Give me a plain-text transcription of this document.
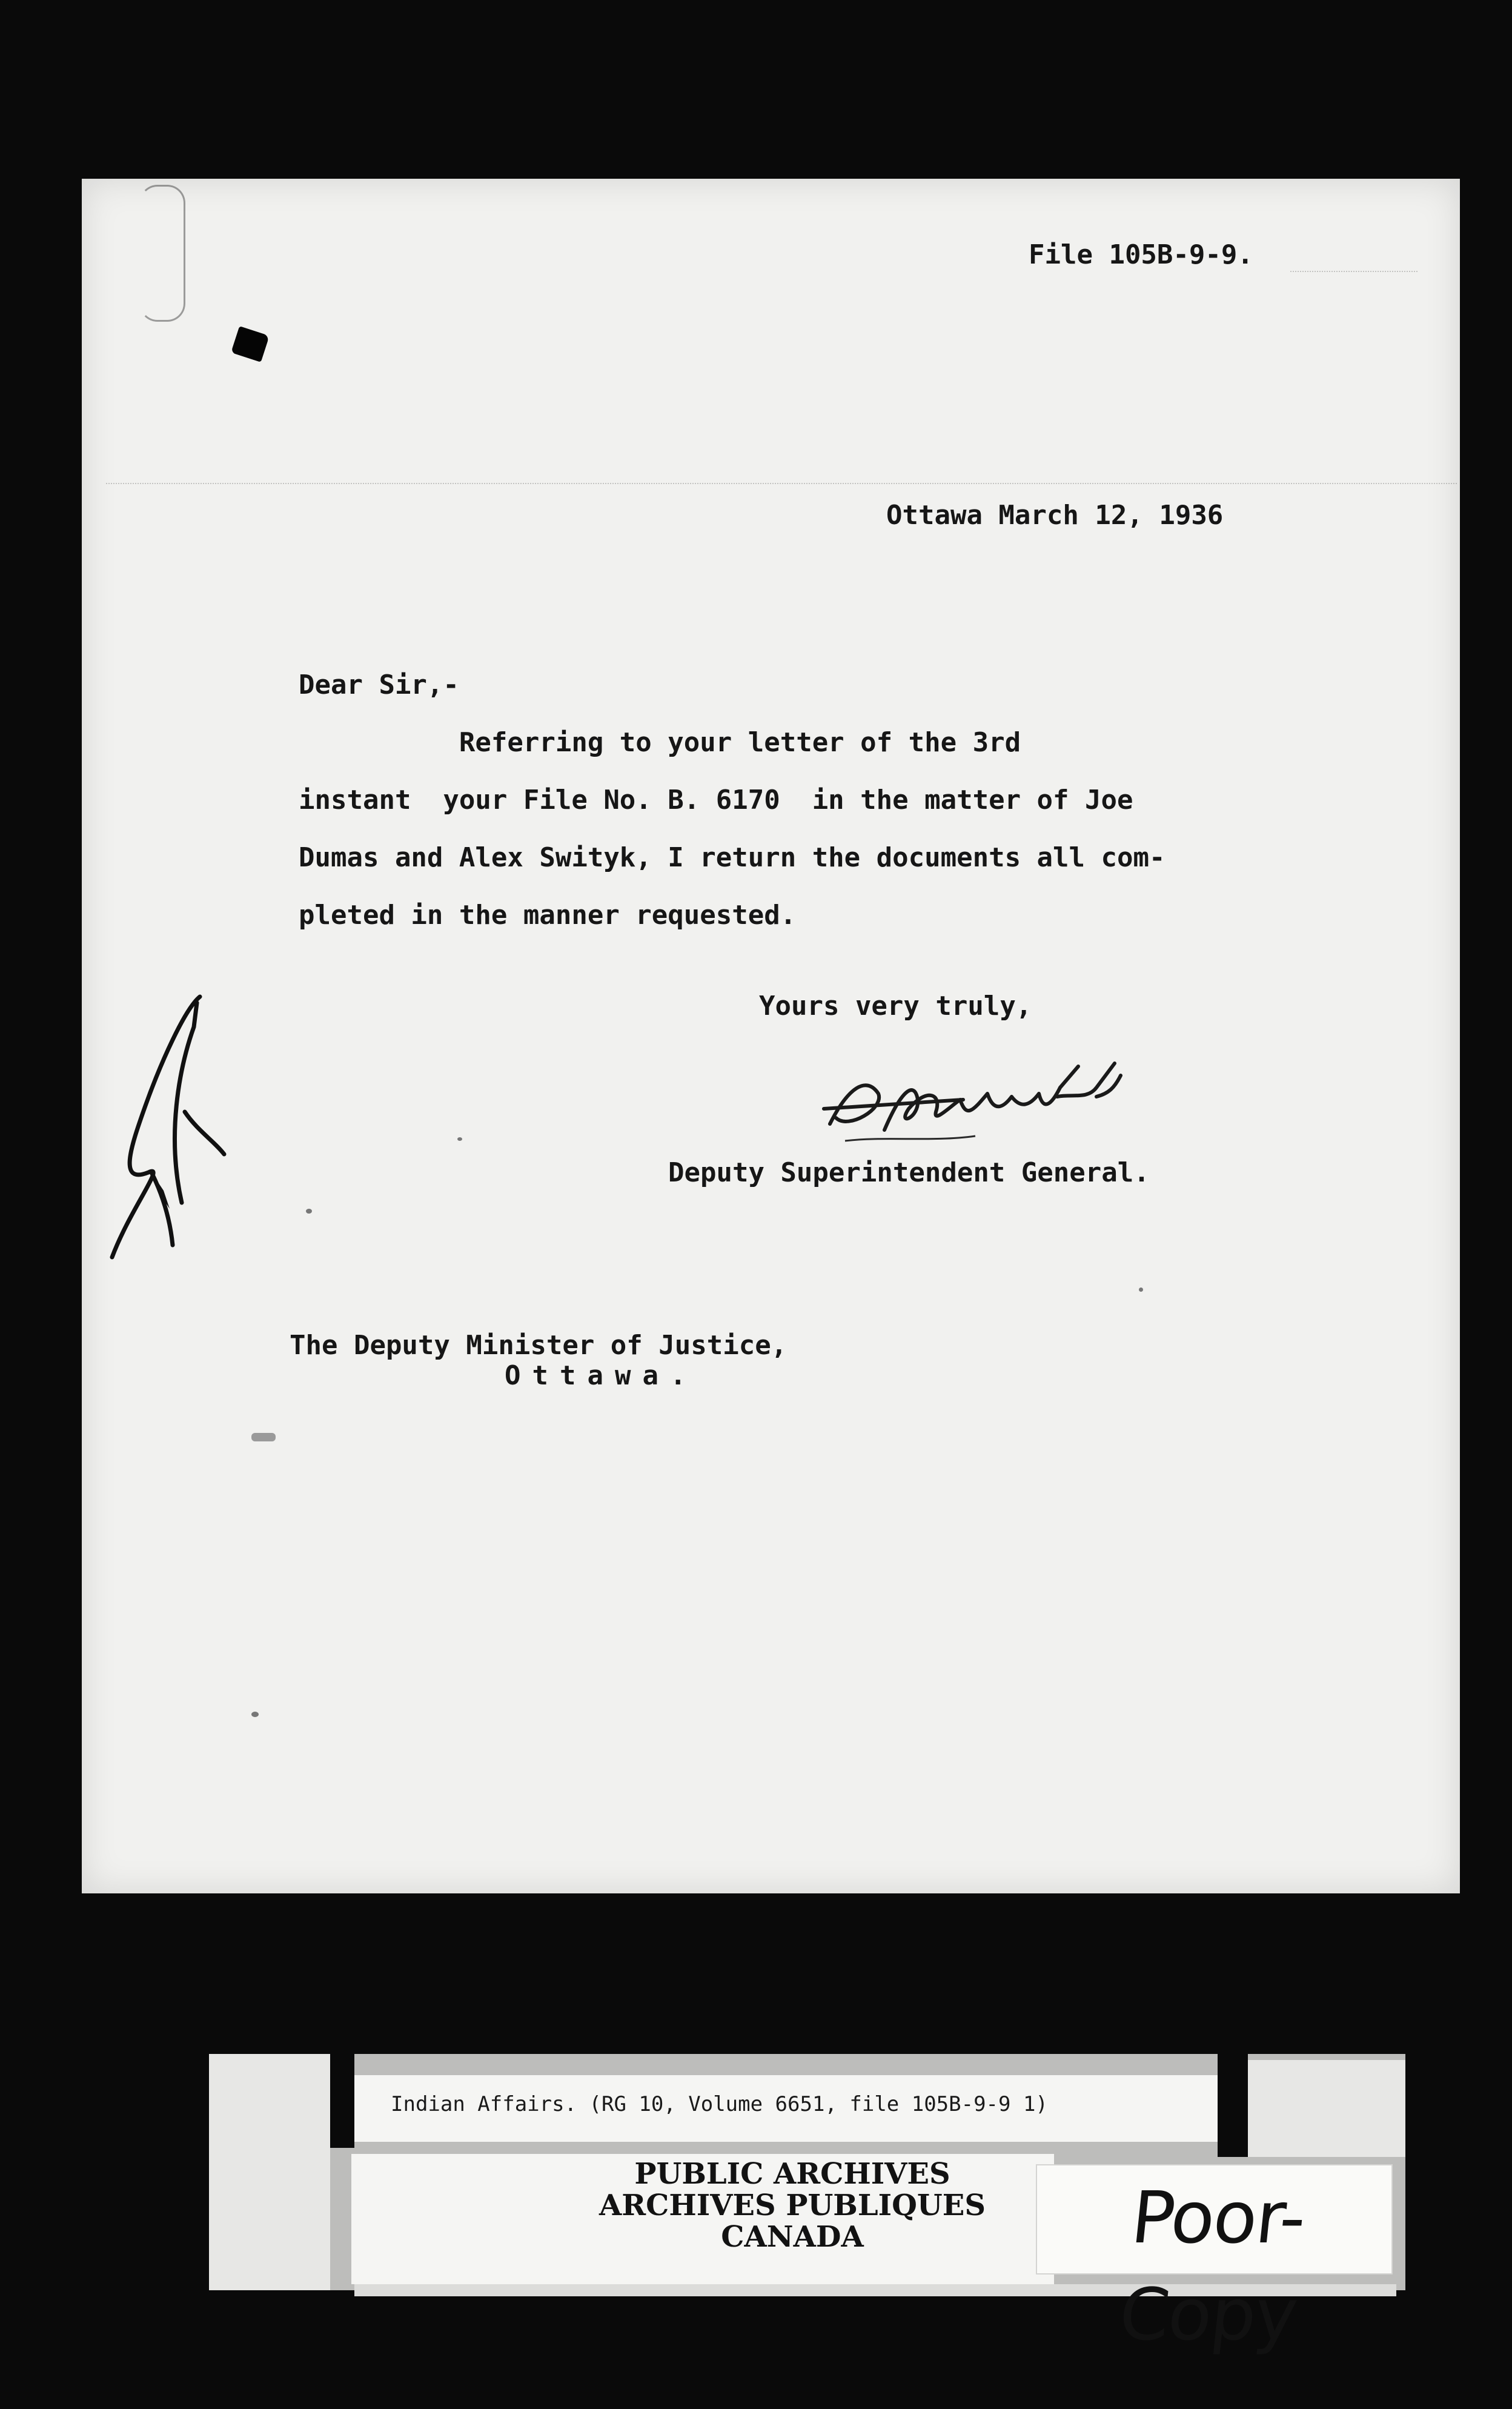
File 105B-9-9.
Ottawa March 12, 1936
Dear Sir,-
Referring to your letter of the 3rd
instant  your File No. B. 6170  in the matter of Joe
Dumas and Alex Swityk, I return the documents all com-
pleted in the manner requested.
Yours very truly,
Deputy Superintendent General.
The Deputy Minister of Justice,
Ottawa.
Indian Affairs. (RG 10, Volume 6651, file 105B-9-9 1)
PUBLIC ARCHIVES
ARCHIVES PUBLIQUES
CANADA	Poor-Copy
